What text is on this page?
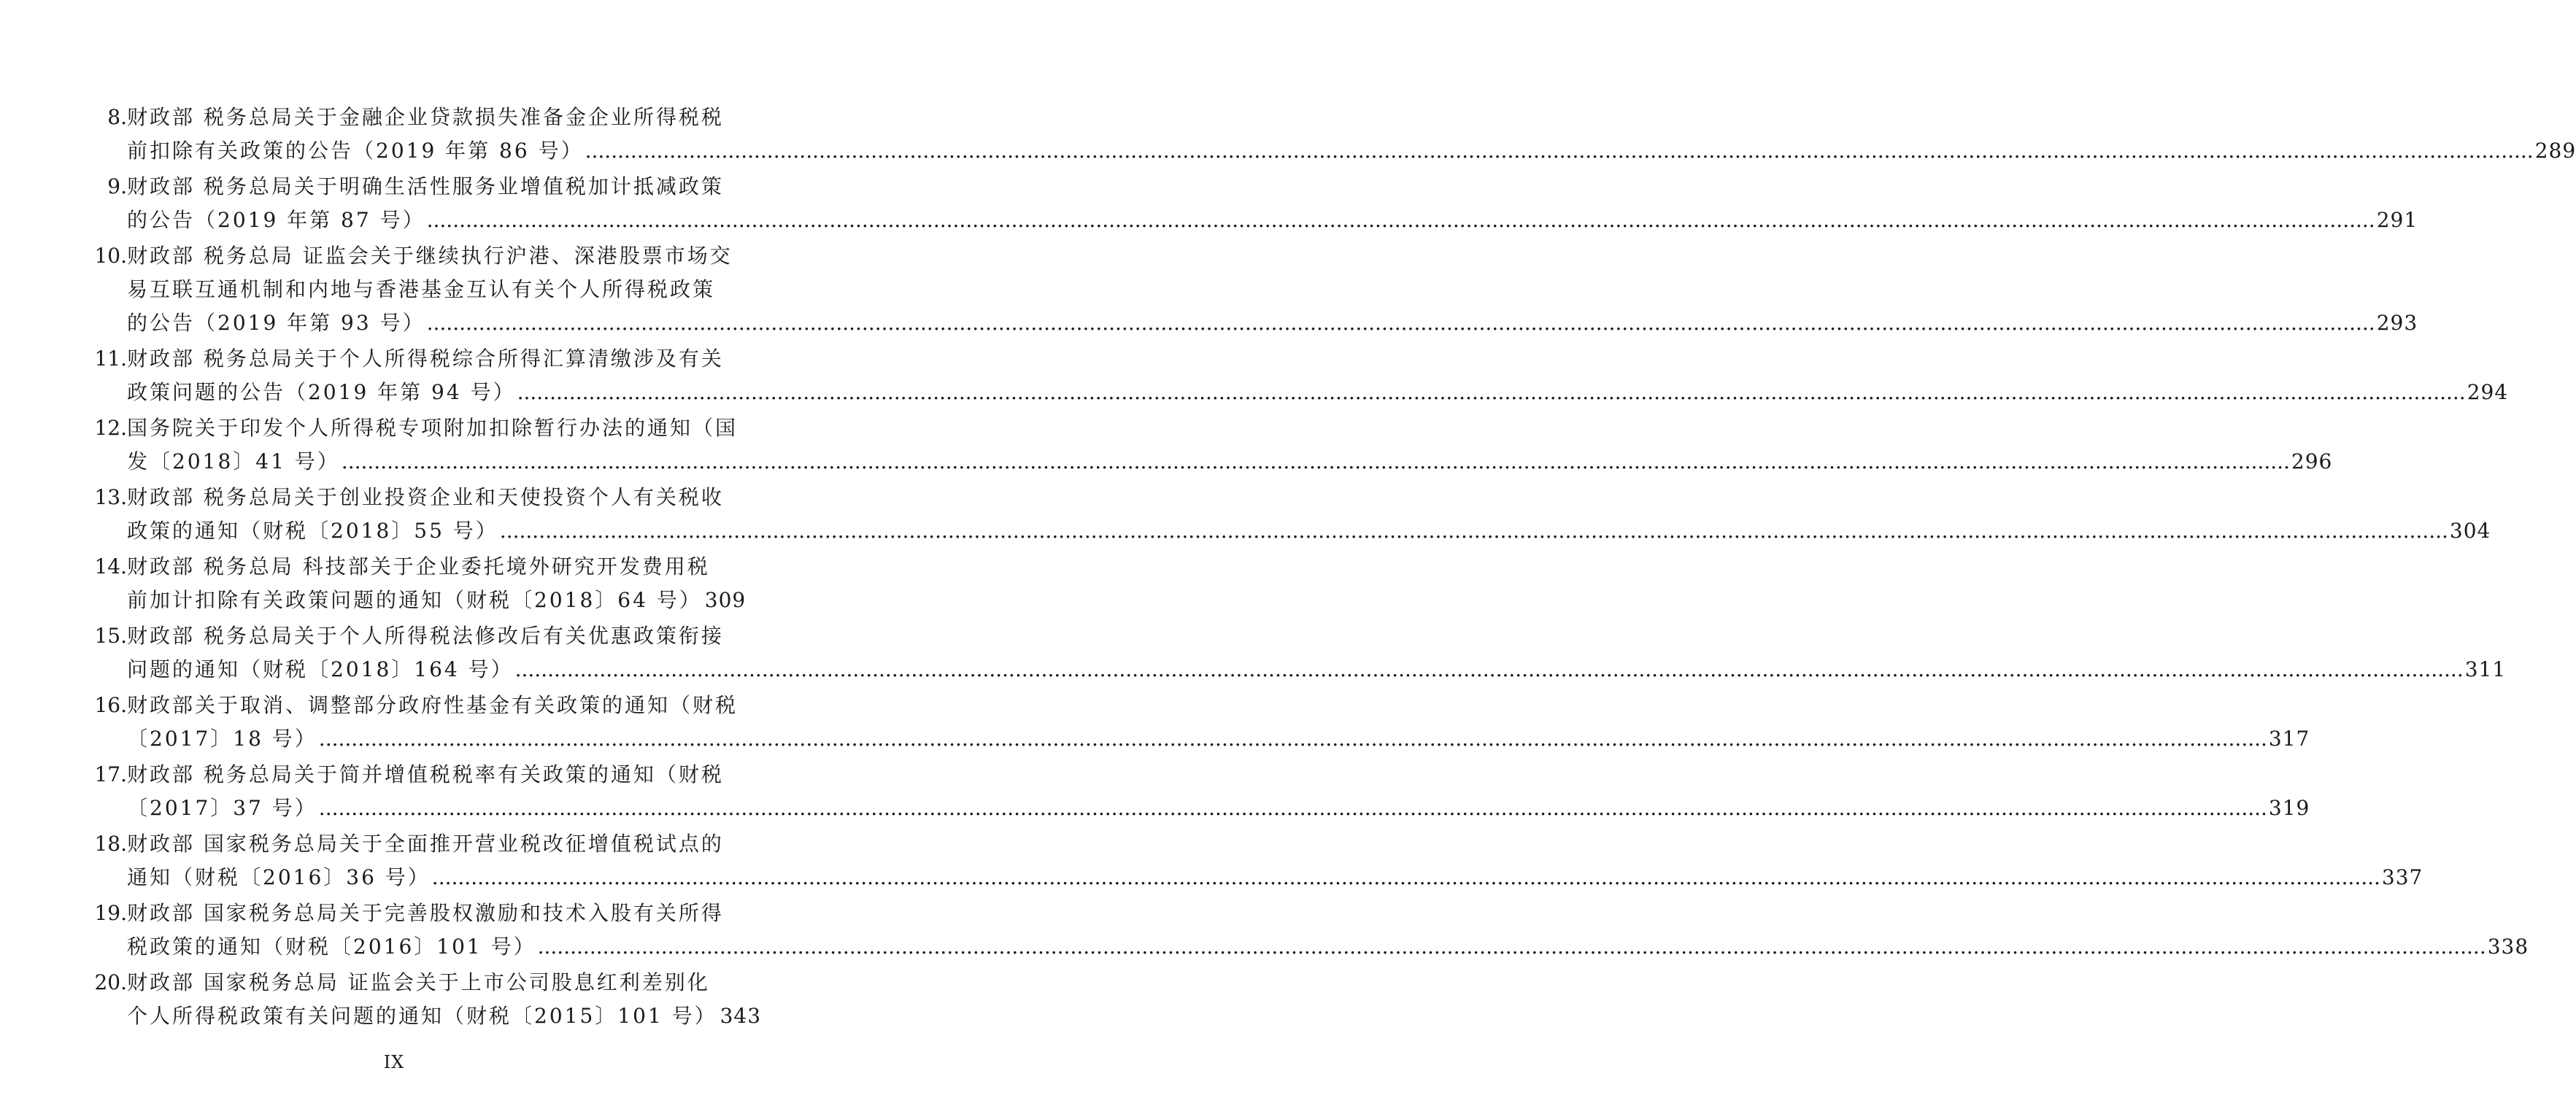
8. 财政部 税务总局关于金融企业贷款损失准备金企业所得税税
前扣除有关政策的公告（2019 年第 86 号） ............................................................................................................................................................................................................................................................................................................ 289
9. 财政部 税务总局关于明确生活性服务业增值税加计抵减政策
的公告（2019 年第 87 号） ............................................................................................................................................................................................................................................................................................................ 291
10. 财政部 税务总局 证监会关于继续执行沪港、深港股票市场交
易互联互通机制和内地与香港基金互认有关个人所得税政策
的公告（2019 年第 93 号） ............................................................................................................................................................................................................................................................................................................ 293
11. 财政部 税务总局关于个人所得税综合所得汇算清缴涉及有关
政策问题的公告（2019 年第 94 号） ............................................................................................................................................................................................................................................................................................................ 294
12. 国务院关于印发个人所得税专项附加扣除暂行办法的通知（国
发〔2018〕41 号） ............................................................................................................................................................................................................................................................................................................ 296
13. 财政部 税务总局关于创业投资企业和天使投资个人有关税收
政策的通知（财税〔2018〕55 号） ............................................................................................................................................................................................................................................................................................................ 304
14. 财政部 税务总局 科技部关于企业委托境外研究开发费用税
前加计扣除有关政策问题的通知（财税〔2018〕64 号） 309
15. 财政部 税务总局关于个人所得税法修改后有关优惠政策衔接
问题的通知（财税〔2018〕164 号） ............................................................................................................................................................................................................................................................................................................ 311
16. 财政部关于取消、调整部分政府性基金有关政策的通知（财税
〔2017〕18 号） ............................................................................................................................................................................................................................................................................................................ 317
17. 财政部 税务总局关于简并增值税税率有关政策的通知（财税
〔2017〕37 号） ............................................................................................................................................................................................................................................................................................................ 319
18. 财政部 国家税务总局关于全面推开营业税改征增值税试点的
通知（财税〔2016〕36 号） ............................................................................................................................................................................................................................................................................................................ 337
19. 财政部 国家税务总局关于完善股权激励和技术入股有关所得
税政策的通知（财税〔2016〕101 号） ............................................................................................................................................................................................................................................................................................................ 338
20. 财政部 国家税务总局 证监会关于上市公司股息红利差别化
个人所得税政策有关问题的通知（财税〔2015〕101 号） 343
IX
